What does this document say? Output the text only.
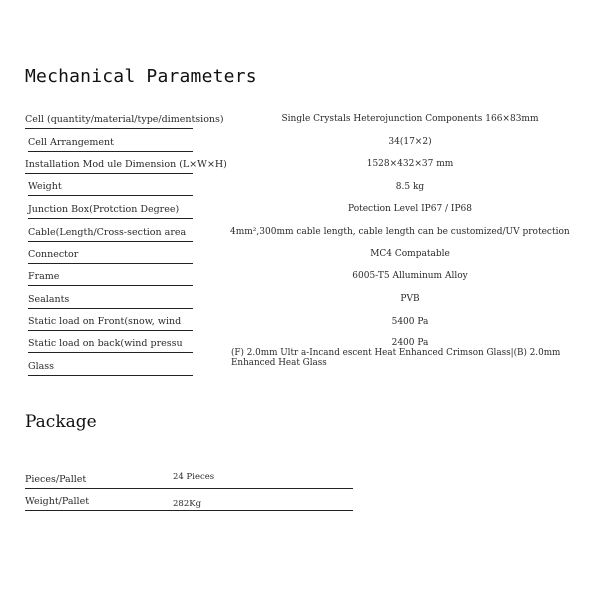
Mechanical Parameters
Cell (quantity/material/type/dimentsions)	Single Crystals Heterojunction Components 166×83mm
Cell Arrangement	34(17×2)
Installation Mod ule Dimension (L×W×H)	1528×432×37 mm
Weight	8.5 kg
Junction Box(Protction Degree)	Potection Level IP67 / IP68
Cable(Length/Cross-section area	4mm²,300mm cable length, cable length can be customized/UV protection
Connector	MC4 Compatable
Frame	6005-T5 Alluminum Alloy
Sealants	PVB
Static load on Front(snow, wind	5400 Pa
Static load on back(wind pressu	2400 Pa
Glass
(F) 2.0mm Ultr a-Incand escent Heat Enhanced Crimson Glass|(B) 2.0mm Enhanced Heat Glass
Package
Pieces/Pallet	24 Pieces
Weight/Pallet	282Kg
